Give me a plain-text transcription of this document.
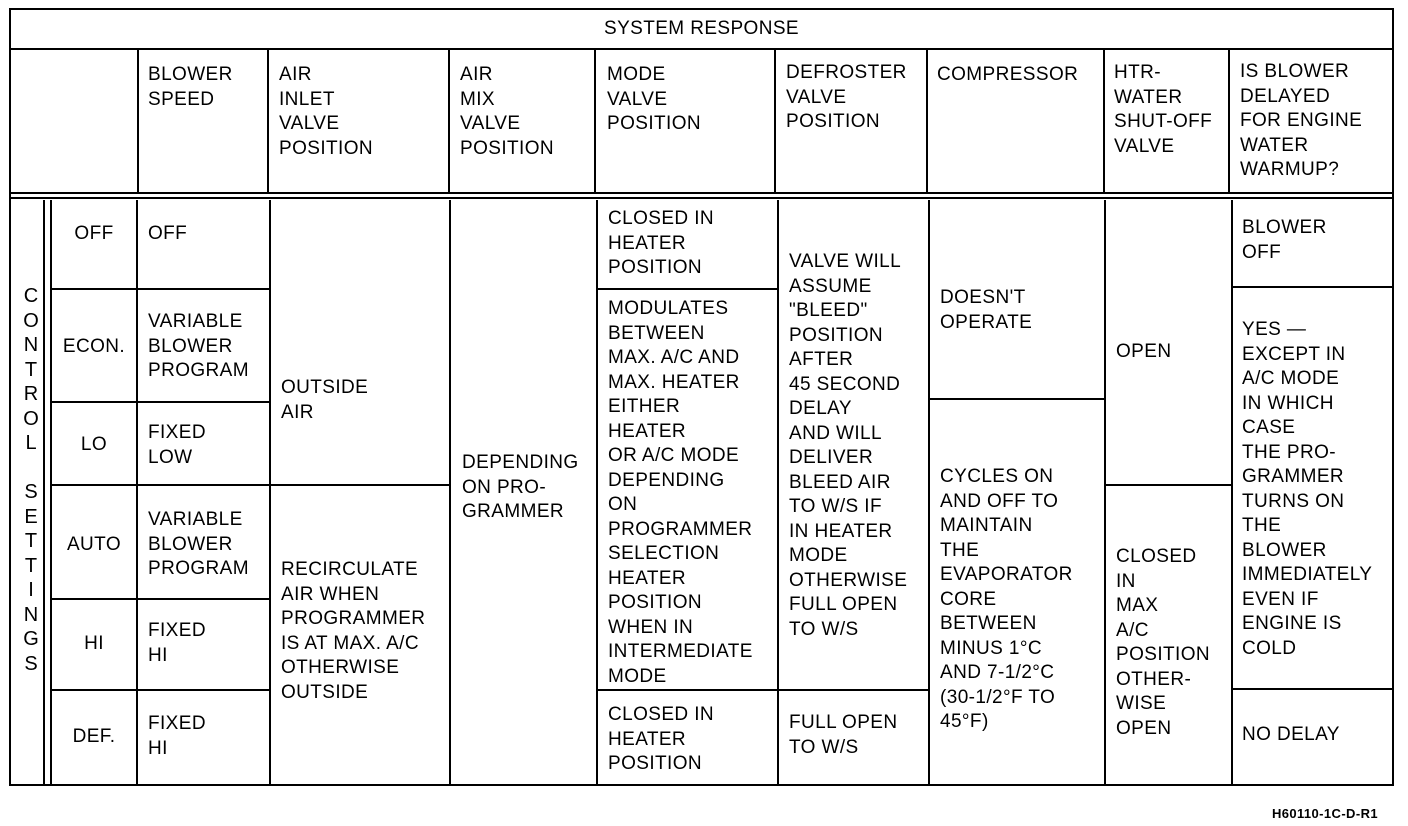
SYSTEM RESPONSE
BLOWER
SPEED
AIR
INLET
VALVE
POSITION
AIR
MIX
VALVE
POSITION
MODE
VALVE
POSITION
DEFROSTER
VALVE
POSITION
COMPRESSOR	HTR-
WATER
SHUT-OFF
VALVE
IS BLOWER
DELAYED
FOR ENGINE
WATER
WARMUP?
C
O
N
T
R
O
L

S
E
T
T
I
N
G
S
OFF
ECON.
LO
AUTO
HI
DEF.
OFF
VARIABLE
BLOWER
PROGRAM
FIXED
LOW
VARIABLE
BLOWER
PROGRAM
FIXED
HI
FIXED
HI
OUTSIDE
AIR
RECIRCULATE
AIR WHEN
PROGRAMMER
IS AT MAX. A/C
OTHERWISE
OUTSIDE
DEPENDING
ON PRO-
GRAMMER
CLOSED IN
HEATER
POSITION
MODULATES
BETWEEN
MAX. A/C AND
MAX. HEATER
EITHER
HEATER
OR A/C MODE
DEPENDING
ON
PROGRAMMER
SELECTION
HEATER
POSITION
WHEN IN
INTERMEDIATE
MODE
CLOSED IN
HEATER
POSITION
VALVE WILL
ASSUME
"BLEED"
POSITION
AFTER
45 SECOND
DELAY
AND WILL
DELIVER
BLEED AIR
TO W/S IF
IN HEATER
MODE
OTHERWISE
FULL OPEN
TO W/S
FULL OPEN
TO W/S
DOESN'T
OPERATE
CYCLES ON
AND OFF TO
MAINTAIN
THE
EVAPORATOR
CORE
BETWEEN
MINUS 1°C
AND 7-1/2°C
(30-1/2°F TO
45°F)
OPEN
CLOSED
IN
MAX
A/C
POSITION
OTHER-
WISE
OPEN
BLOWER
OFF
YES —
EXCEPT IN
A/C MODE
IN WHICH
CASE
THE PRO-
GRAMMER
TURNS ON
THE
BLOWER
IMMEDIATELY
EVEN IF
ENGINE IS
COLD
NO DELAY
H60110-1C-D-R1
